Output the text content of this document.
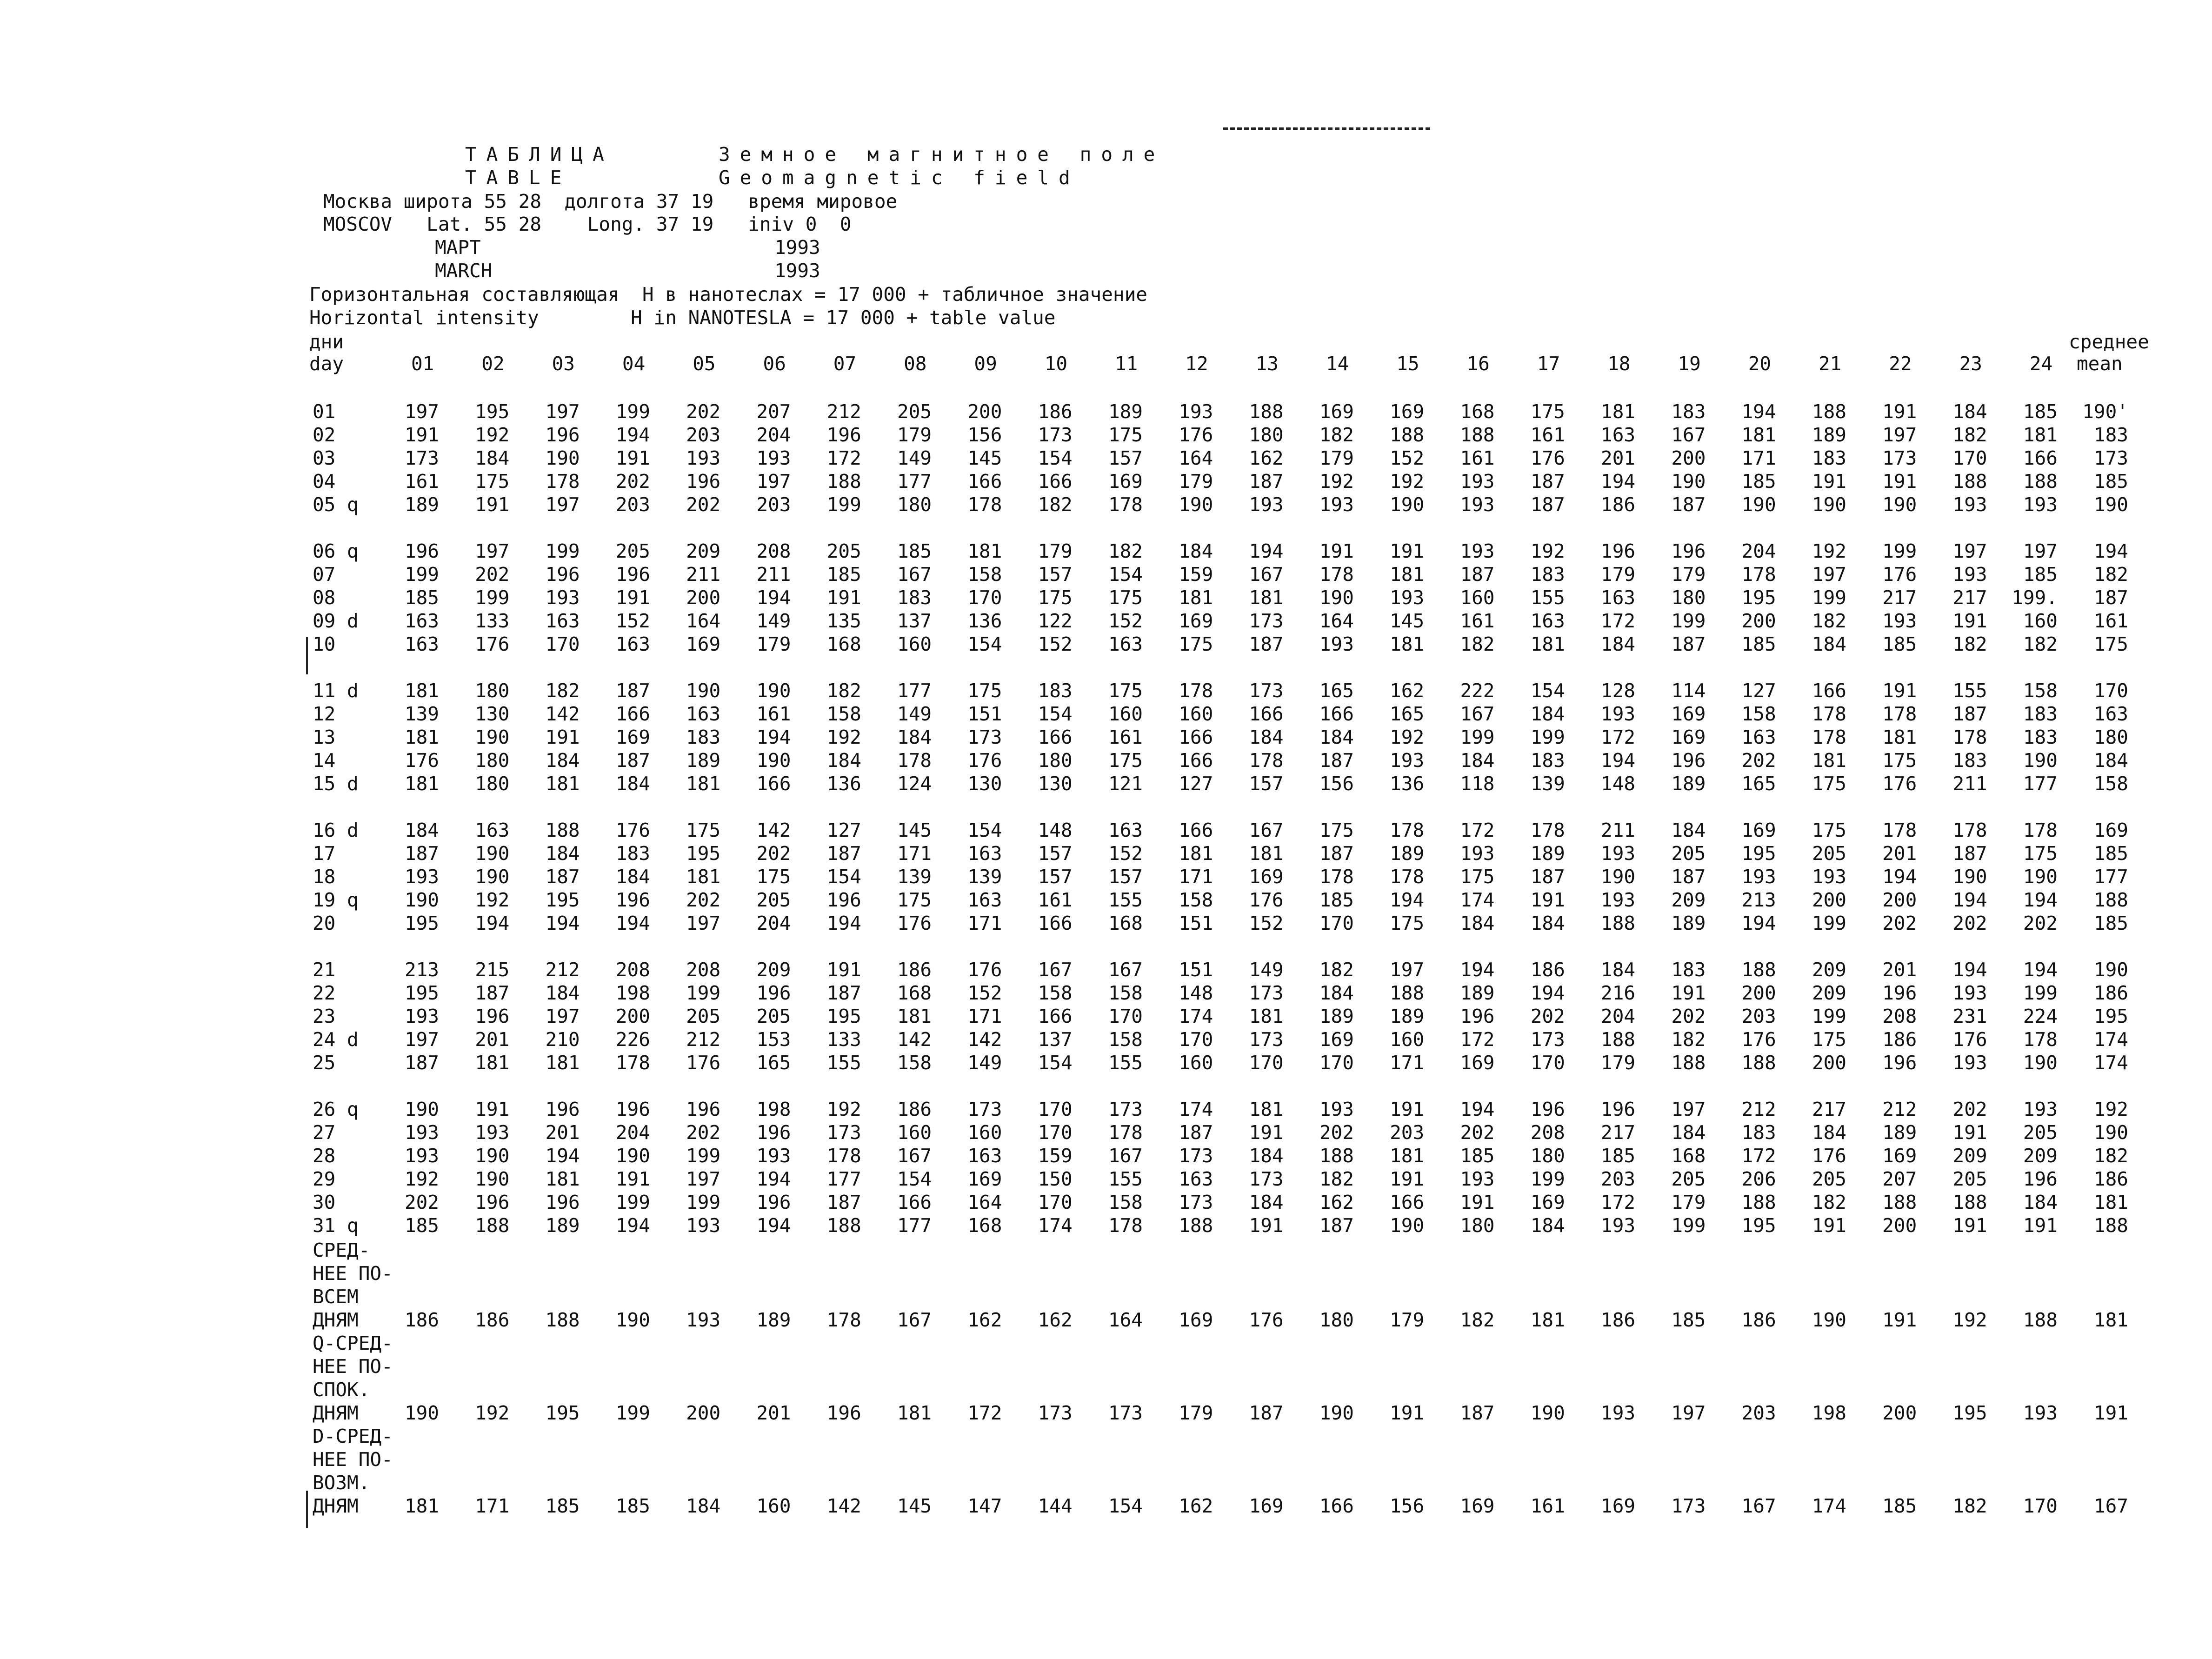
ТАБЛИЦА	Земное магнитное поле
TABLE	Geomagnetic field
Москва широта 55 28  долгота 37 19   время мировое
MOSCOV   Lat. 55 28    Long. 37 19   iniv 0  0
МАРТ	1993
MARCH	1993
Горизонтальная составляющая  Н в нанотеслах = 17 000 + табличное значение
Horizontal intensity        H in NANOTESLA = 17 000 + table value
дни
day
среднее
mean
01 02 03 04 05 06 07 08 09 10 11 12 13 14 15 16 17 18 19 20 21 22 23 24
01	197	195	197	199	202	207	212	205	200	186	189	193	188	169	169	168	175	181	183	194	188	191	184	185 190'
02	191	192	196	194	203	204	196	179	156	173	175	176	180	182	188	188	161	163	167	181	189	197	182	181	183
03	173	184	190	191	193	193	172	149	145	154	157	164	162	179	152	161	176	201	200	171	183	173	170	166	173
04	161	175	178	202	196	197	188	177	166	166	169	179	187	192	192	193	187	194	190	185	191	191	188	188	185
05 q	189	191	197	203	202	203	199	180	178	182	178	190	193	193	190	193	187	186	187	190	190	190	193	193	190
06 q	196	197	199	205	209	208	205	185	181	179	182	184	194	191	191	193	192	196	196	204	192	199	197	197	194
07	199	202	196	196	211	211	185	167	158	157	154	159	167	178	181	187	183	179	179	178	197	176	193	185	182
08	185	199	193	191	200	194	191	183	170	175	175	181	181	190	193	160	155	163	180	195	199	217	217 199.	187
09 d	163	133	163	152	164	149	135	137	136	122	152	169	173	164	145	161	163	172	199	200	182	193	191	160	161
10	163	176	170	163	169	179	168	160	154	152	163	175	187	193	181	182	181	184	187	185	184	185	182	182	175
11 d	181	180	182	187	190	190	182	177	175	183	175	178	173	165	162	222	154	128	114	127	166	191	155	158	170
12	139	130	142	166	163	161	158	149	151	154	160	160	166	166	165	167	184	193	169	158	178	178	187	183	163
13	181	190	191	169	183	194	192	184	173	166	161	166	184	184	192	199	199	172	169	163	178	181	178	183	180
14	176	180	184	187	189	190	184	178	176	180	175	166	178	187	193	184	183	194	196	202	181	175	183	190	184
15 d	181	180	181	184	181	166	136	124	130	130	121	127	157	156	136	118	139	148	189	165	175	176	211	177	158
16 d	184	163	188	176	175	142	127	145	154	148	163	166	167	175	178	172	178	211	184	169	175	178	178	178	169
17	187	190	184	183	195	202	187	171	163	157	152	181	181	187	189	193	189	193	205	195	205	201	187	175	185
18	193	190	187	184	181	175	154	139	139	157	157	171	169	178	178	175	187	190	187	193	193	194	190	190	177
19 q	190	192	195	196	202	205	196	175	163	161	155	158	176	185	194	174	191	193	209	213	200	200	194	194	188
20	195	194	194	194	197	204	194	176	171	166	168	151	152	170	175	184	184	188	189	194	199	202	202	202	185
21	213	215	212	208	208	209	191	186	176	167	167	151	149	182	197	194	186	184	183	188	209	201	194	194	190
22	195	187	184	198	199	196	187	168	152	158	158	148	173	184	188	189	194	216	191	200	209	196	193	199	186
23	193	196	197	200	205	205	195	181	171	166	170	174	181	189	189	196	202	204	202	203	199	208	231	224	195
24 d	197	201	210	226	212	153	133	142	142	137	158	170	173	169	160	172	173	188	182	176	175	186	176	178	174
25	187	181	181	178	176	165	155	158	149	154	155	160	170	170	171	169	170	179	188	188	200	196	193	190	174
26 q	190	191	196	196	196	198	192	186	173	170	173	174	181	193	191	194	196	196	197	212	217	212	202	193	192
27	193	193	201	204	202	196	173	160	160	170	178	187	191	202	203	202	208	217	184	183	184	189	191	205	190
28	193	190	194	190	199	193	178	167	163	159	167	173	184	188	181	185	180	185	168	172	176	169	209	209	182
29	192	190	181	191	197	194	177	154	169	150	155	163	173	182	191	193	199	203	205	206	205	207	205	196	186
30	202	196	196	199	199	196	187	166	164	170	158	173	184	162	166	191	169	172	179	188	182	188	188	184	181
31 q	185	188	189	194	193	194	188	177	168	174	178	188	191	187	190	180	184	193	199	195	191	200	191	191	188
СРЕД-
НЕЕ ПО-
ВСЕМ
ДНЯМ	186	186	188	190	193	189	178	167	162	162	164	169	176	180	179	182	181	186	185	186	190	191	192	188	181
Q-СРЕД-
НЕЕ ПО-
СПОК.
ДНЯМ	190	192	195	199	200	201	196	181	172	173	173	179	187	190	191	187	190	193	197	203	198	200	195	193	191
D-СРЕД-
НЕЕ ПО-
ВОЗМ.
ДНЯМ	181	171	185	185	184	160	142	145	147	144	154	162	169	166	156	169	161	169	173	167	174	185	182	170	167
